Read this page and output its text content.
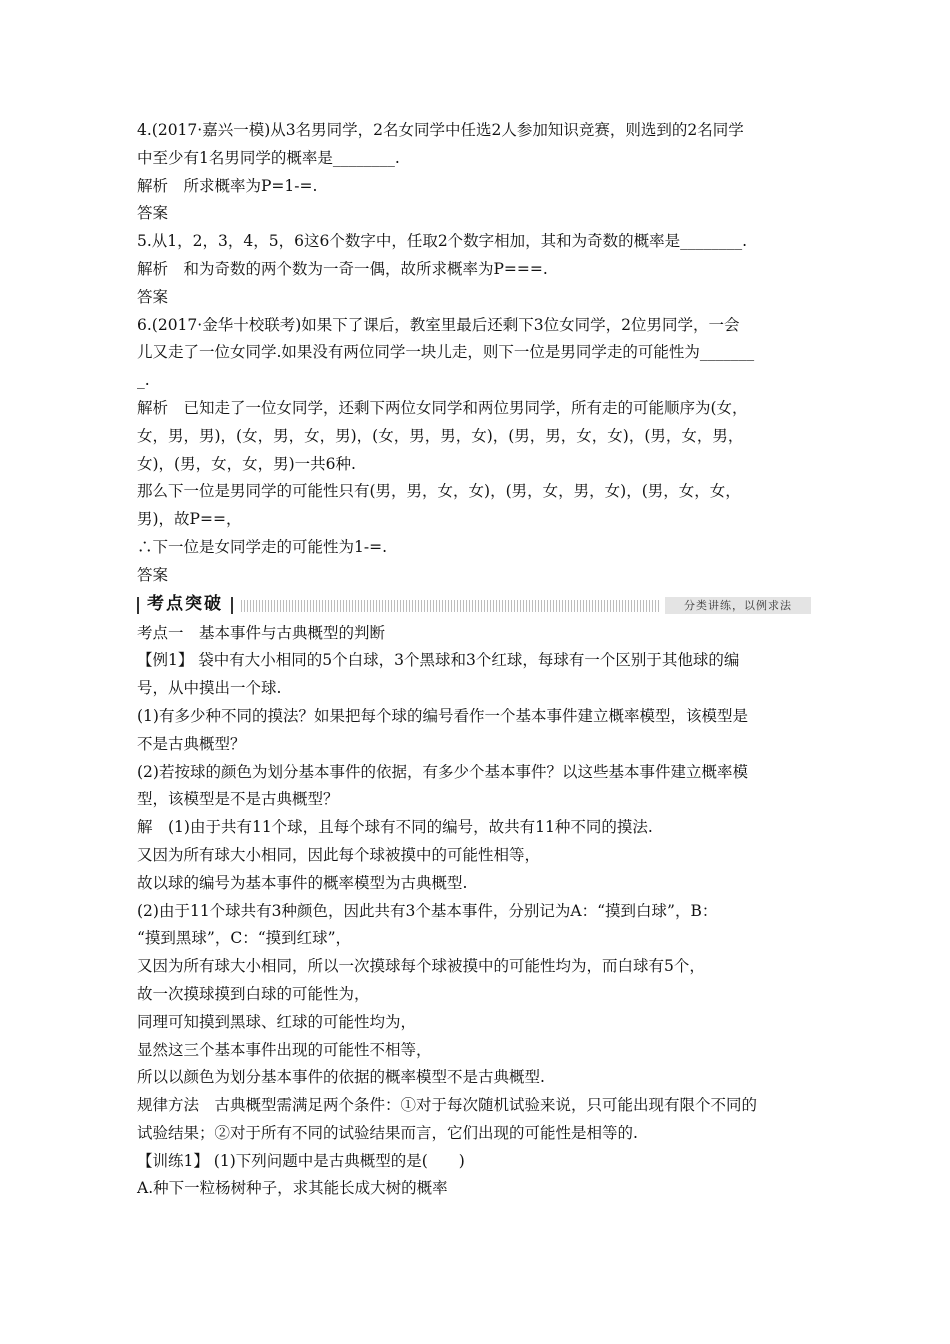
4.(2017·嘉兴一模)从3名男同学，2名女同学中任选2人参加知识竞赛，则选到的2名同学
中至少有1名男同学的概率是________.
解析　所求概率为P=1-=.
答案
5.从1，2，3，4，5，6这6个数字中，任取2个数字相加，其和为奇数的概率是________.
解析　和为奇数的两个数为一奇一偶，故所求概率为P===.
答案
6.(2017·金华十校联考)如果下了课后，教室里最后还剩下3位女同学，2位男同学，一会
儿又走了一位女同学.如果没有两位同学一块儿走，则下一位是男同学走的可能性为_______
_.
解析　已知走了一位女同学，还剩下两位女同学和两位男同学，所有走的可能顺序为(女，
女，男，男)，(女，男，女，男)，(女，男，男，女)，(男，男，女，女)，(男，女，男，
女)，(男，女，女，男)一共6种.
那么下一位是男同学的可能性只有(男，男，女，女)，(男，女，男，女)，(男，女，女，
男)，故P==，
∴下一位是女同学走的可能性为1-=.
答案
考点突破	分类讲练，以例求法
考点一　基本事件与古典概型的判断
【例1】 袋中有大小相同的5个白球，3个黑球和3个红球，每球有一个区别于其他球的编
号，从中摸出一个球.
(1)有多少种不同的摸法？如果把每个球的编号看作一个基本事件建立概率模型，该模型是
不是古典概型？
(2)若按球的颜色为划分基本事件的依据，有多少个基本事件？以这些基本事件建立概率模
型，该模型是不是古典概型？
解　(1)由于共有11个球，且每个球有不同的编号，故共有11种不同的摸法.
又因为所有球大小相同，因此每个球被摸中的可能性相等，
故以球的编号为基本事件的概率模型为古典概型.
(2)由于11个球共有3种颜色，因此共有3个基本事件，分别记为A：“摸到白球”，B：
“摸到黑球”，C：“摸到红球”，
又因为所有球大小相同，所以一次摸球每个球被摸中的可能性均为，而白球有5个，
故一次摸球摸到白球的可能性为，
同理可知摸到黑球、红球的可能性均为，
显然这三个基本事件出现的可能性不相等，
所以以颜色为划分基本事件的依据的概率模型不是古典概型.
规律方法　古典概型需满足两个条件：①对于每次随机试验来说，只可能出现有限个不同的
试验结果；②对于所有不同的试验结果而言，它们出现的可能性是相等的.
【训练1】 (1)下列问题中是古典概型的是(　　)
A.种下一粒杨树种子，求其能长成大树的概率
